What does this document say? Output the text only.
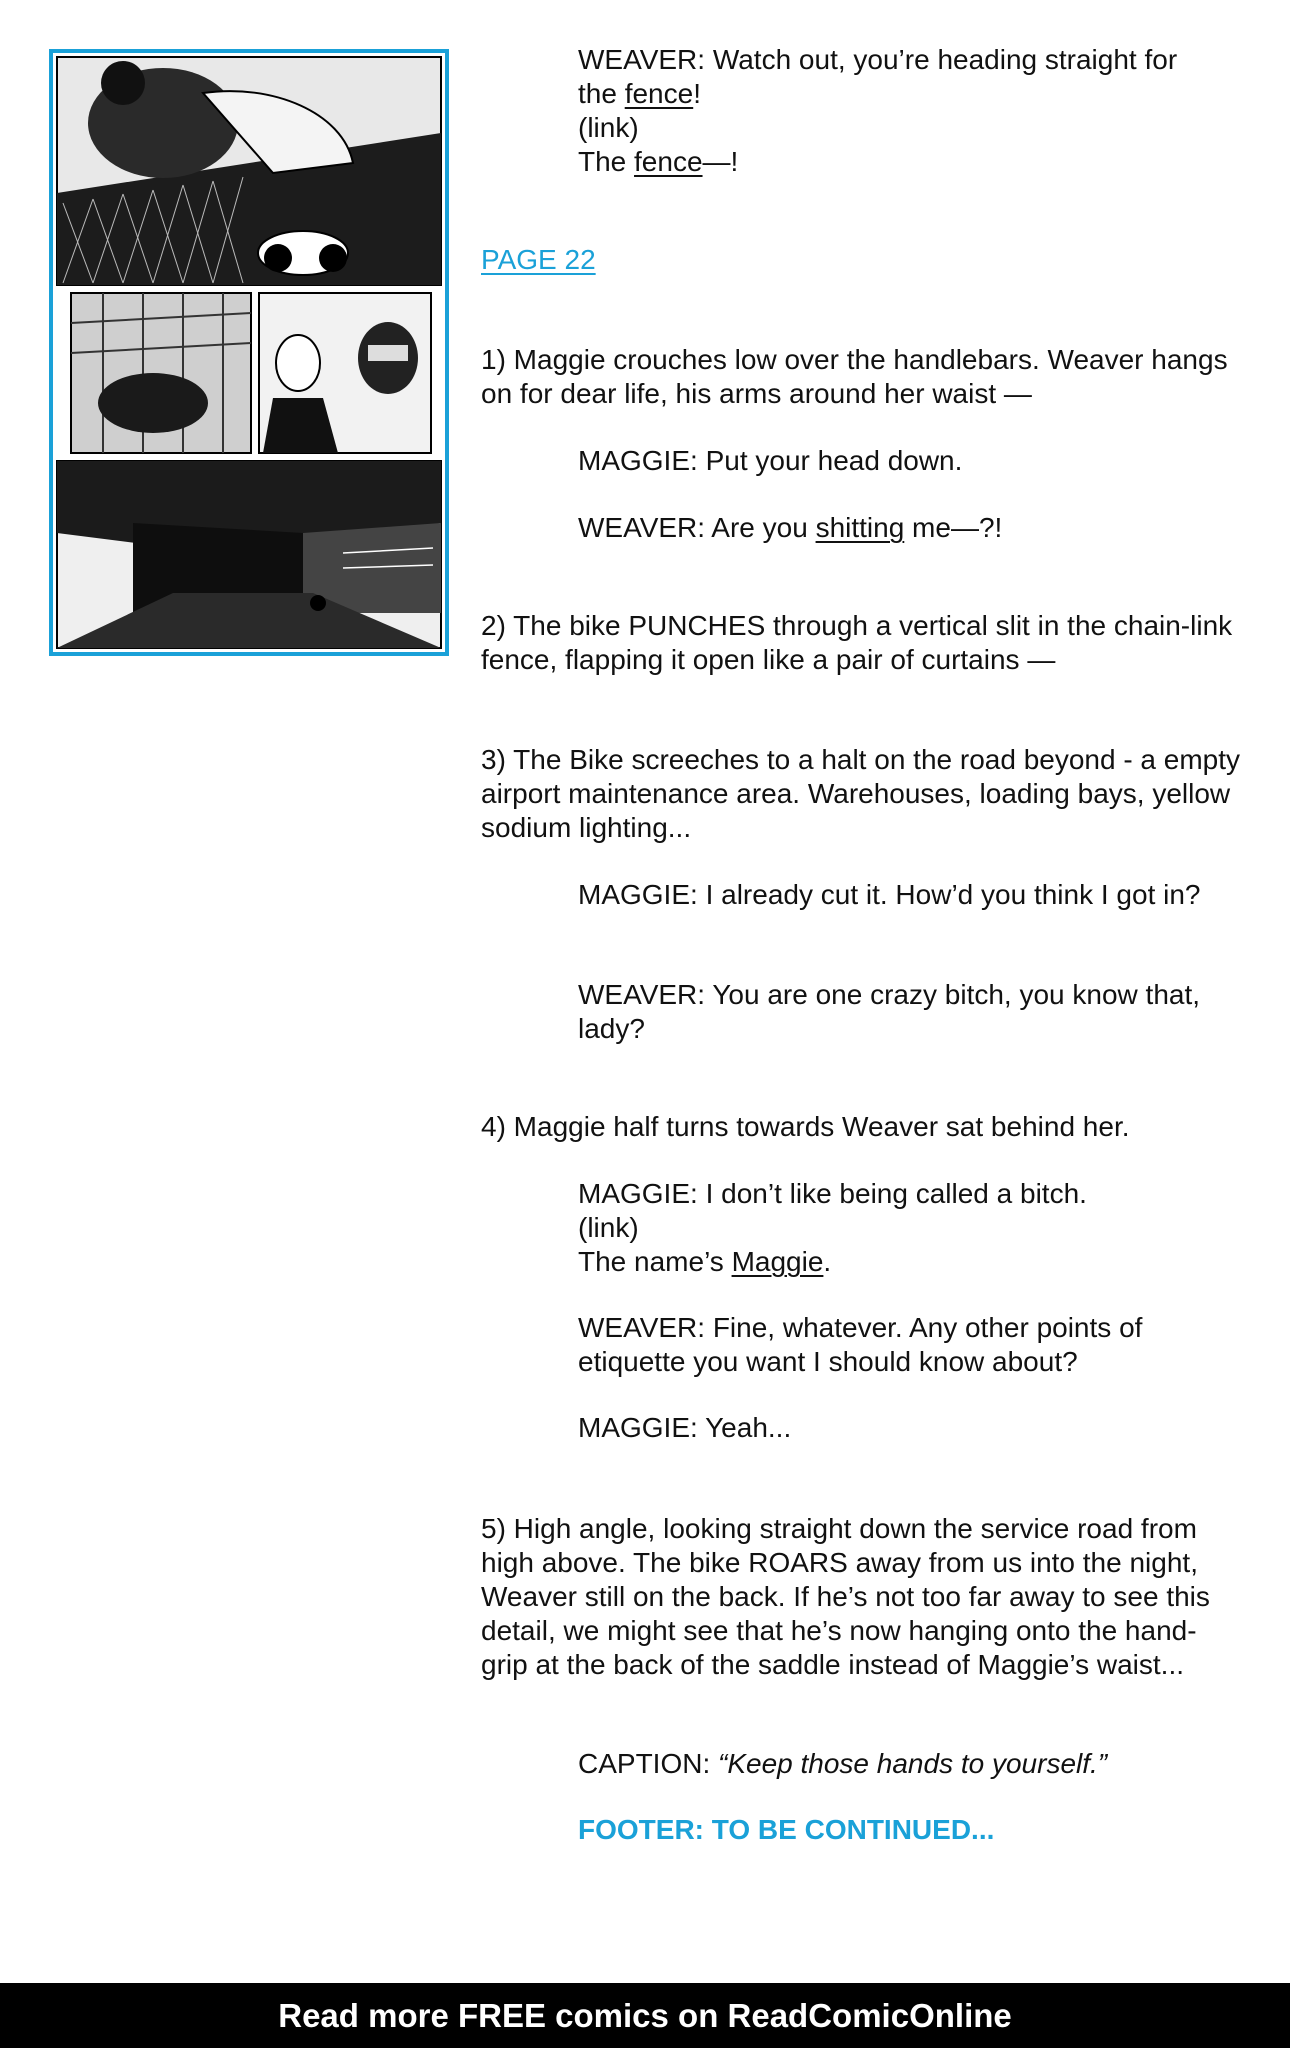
WEAVER: Watch out, you’re heading straight for
the fence!
(link)
The fence—!
PAGE 22

1) Maggie crouches low over the handlebars. Weaver hangs on for dear life, his arms around her waist —

MAGGIE: Put your head down.

WEAVER: Are you shitting me—?!

2) The bike PUNCHES through a vertical slit in the chain-link fence, flapping it open like a pair of curtains —

3) The Bike screeches to a halt on the road beyond - a empty airport maintenance area. Warehouses, loading bays, yellow sodium lighting...

MAGGIE: I already cut it. How’d you think I got in?

WEAVER: You are one crazy bitch, you know that, lady?

4) Maggie half turns towards Weaver sat behind her.

MAGGIE: I don’t like being called a bitch.
(link)
The name’s Maggie.

WEAVER: Fine, whatever. Any other points of etiquette you want I should know about?

MAGGIE: Yeah...

5) High angle, looking straight down the service road from high above. The bike ROARS away from us into the night, Weaver still on the back. If he’s not too far away to see this detail, we might see that he’s now hanging onto the hand-grip at the back of the saddle instead of Maggie’s waist...

CAPTION: “Keep those hands to yourself.”

FOOTER: TO BE CONTINUED...

Read more FREE comics on ReadComicOnline
